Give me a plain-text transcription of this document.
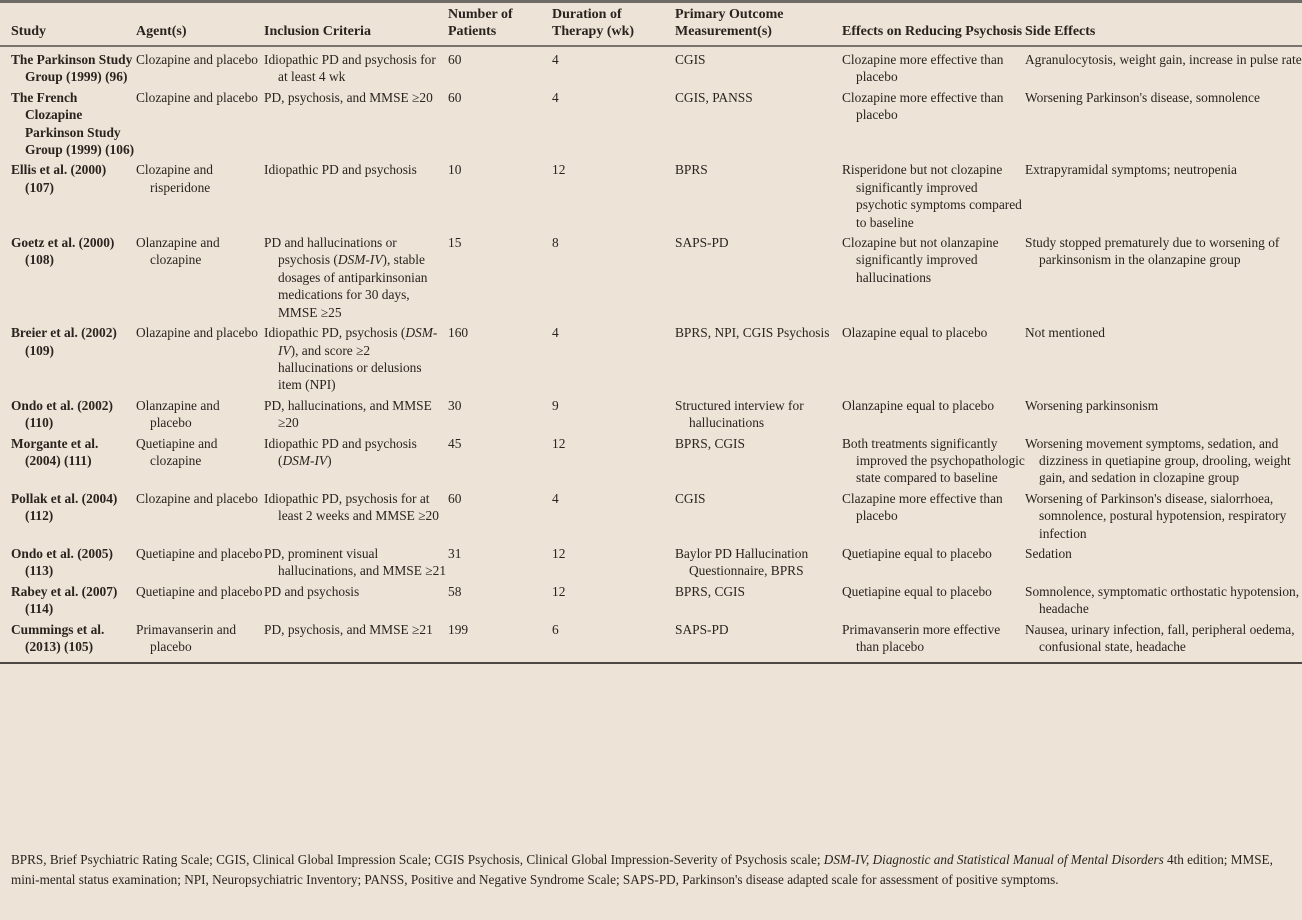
Study	Agent(s)	Inclusion Criteria	Number of Patients	Duration of Therapy (wk)	Primary Outcome Measurement(s)	Effects on Reducing Psychosis	Side Effects

The Parkinson Study Group (1999) (96)	Clozapine and placebo	Idiopathic PD and psychosis for at least 4 wk	60	4	CGIS	Clozapine more effective than placebo	Agranulocytosis, weight gain, increase in pulse rate

The French Clozapine Parkinson Study Group (1999) (106)	Clozapine and placebo	PD, psychosis, and MMSE ≥20	60	4	CGIS, PANSS	Clozapine more effective than placebo	Worsening Parkinson's disease, somnolence

Ellis et al. (2000) (107)	Clozapine and risperidone	Idiopathic PD and psychosis	10	12	BPRS	Risperidone but not clozapine significantly improved psychotic symptoms compared to baseline	Extrapyramidal symptoms; neutropenia

Goetz et al. (2000) (108)	Olanzapine and clozapine	PD and hallucinations or psychosis (DSM-IV), stable dosages of antiparkinsonian medications for 30 days, MMSE ≥25	15	8	SAPS-PD	Clozapine but not olanzapine significantly improved hallucinations	Study stopped prematurely due to worsening of parkinsonism in the olanzapine group

Breier et al. (2002) (109)	Olazapine and placebo	Idiopathic PD, psychosis (DSM-IV), and score ≥2 hallucinations or delusions item (NPI)	160	4	BPRS, NPI, CGIS Psychosis	Olazapine equal to placebo	Not mentioned

Ondo et al. (2002) (110)	Olanzapine and placebo	PD, hallucinations, and MMSE ≥20	30	9	Structured interview for hallucinations	Olanzapine equal to placebo	Worsening parkinsonism

Morgante et al. (2004) (111)	Quetiapine and clozapine	Idiopathic PD and psychosis (DSM-IV)	45	12	BPRS, CGIS	Both treatments significantly improved the psychopathologic state compared to baseline	Worsening movement symptoms, sedation, and dizziness in quetiapine group, drooling, weight gain, and sedation in clozapine group

Pollak et al. (2004) (112)	Clozapine and placebo	Idiopathic PD, psychosis for at least 2 weeks and MMSE ≥20	60	4	CGIS	Clazapine more effective than placebo	Worsening of Parkinson's disease, sialorrhoea, somnolence, postural hypotension, respiratory infection

Ondo et al. (2005) (113)	Quetiapine and placebo	PD, prominent visual hallucinations, and MMSE ≥21	31	12	Baylor PD Hallucination Questionnaire, BPRS	Quetiapine equal to placebo	Sedation

Rabey et al. (2007) (114)	Quetiapine and placebo	PD and psychosis	58	12	BPRS, CGIS	Quetiapine equal to placebo	Somnolence, symptomatic orthostatic hypotension, headache

Cummings et al. (2013) (105)	Primavanserin and placebo	PD, psychosis, and MMSE ≥21	199	6	SAPS-PD	Primavanserin more effective than placebo	Nausea, urinary infection, fall, peripheral oedema, confusional state, headache
BPRS, Brief Psychiatric Rating Scale; CGIS, Clinical Global Impression Scale; CGIS Psychosis, Clinical Global Impression-Severity of Psychosis scale; DSM-IV, Diagnostic and Statistical Manual of Mental Disorders 4th edition; MMSE, mini-mental status examination; NPI, Neuropsychiatric Inventory; PANSS, Positive and Negative Syndrome Scale; SAPS-PD, Parkinson's disease adapted scale for assessment of positive symptoms.
